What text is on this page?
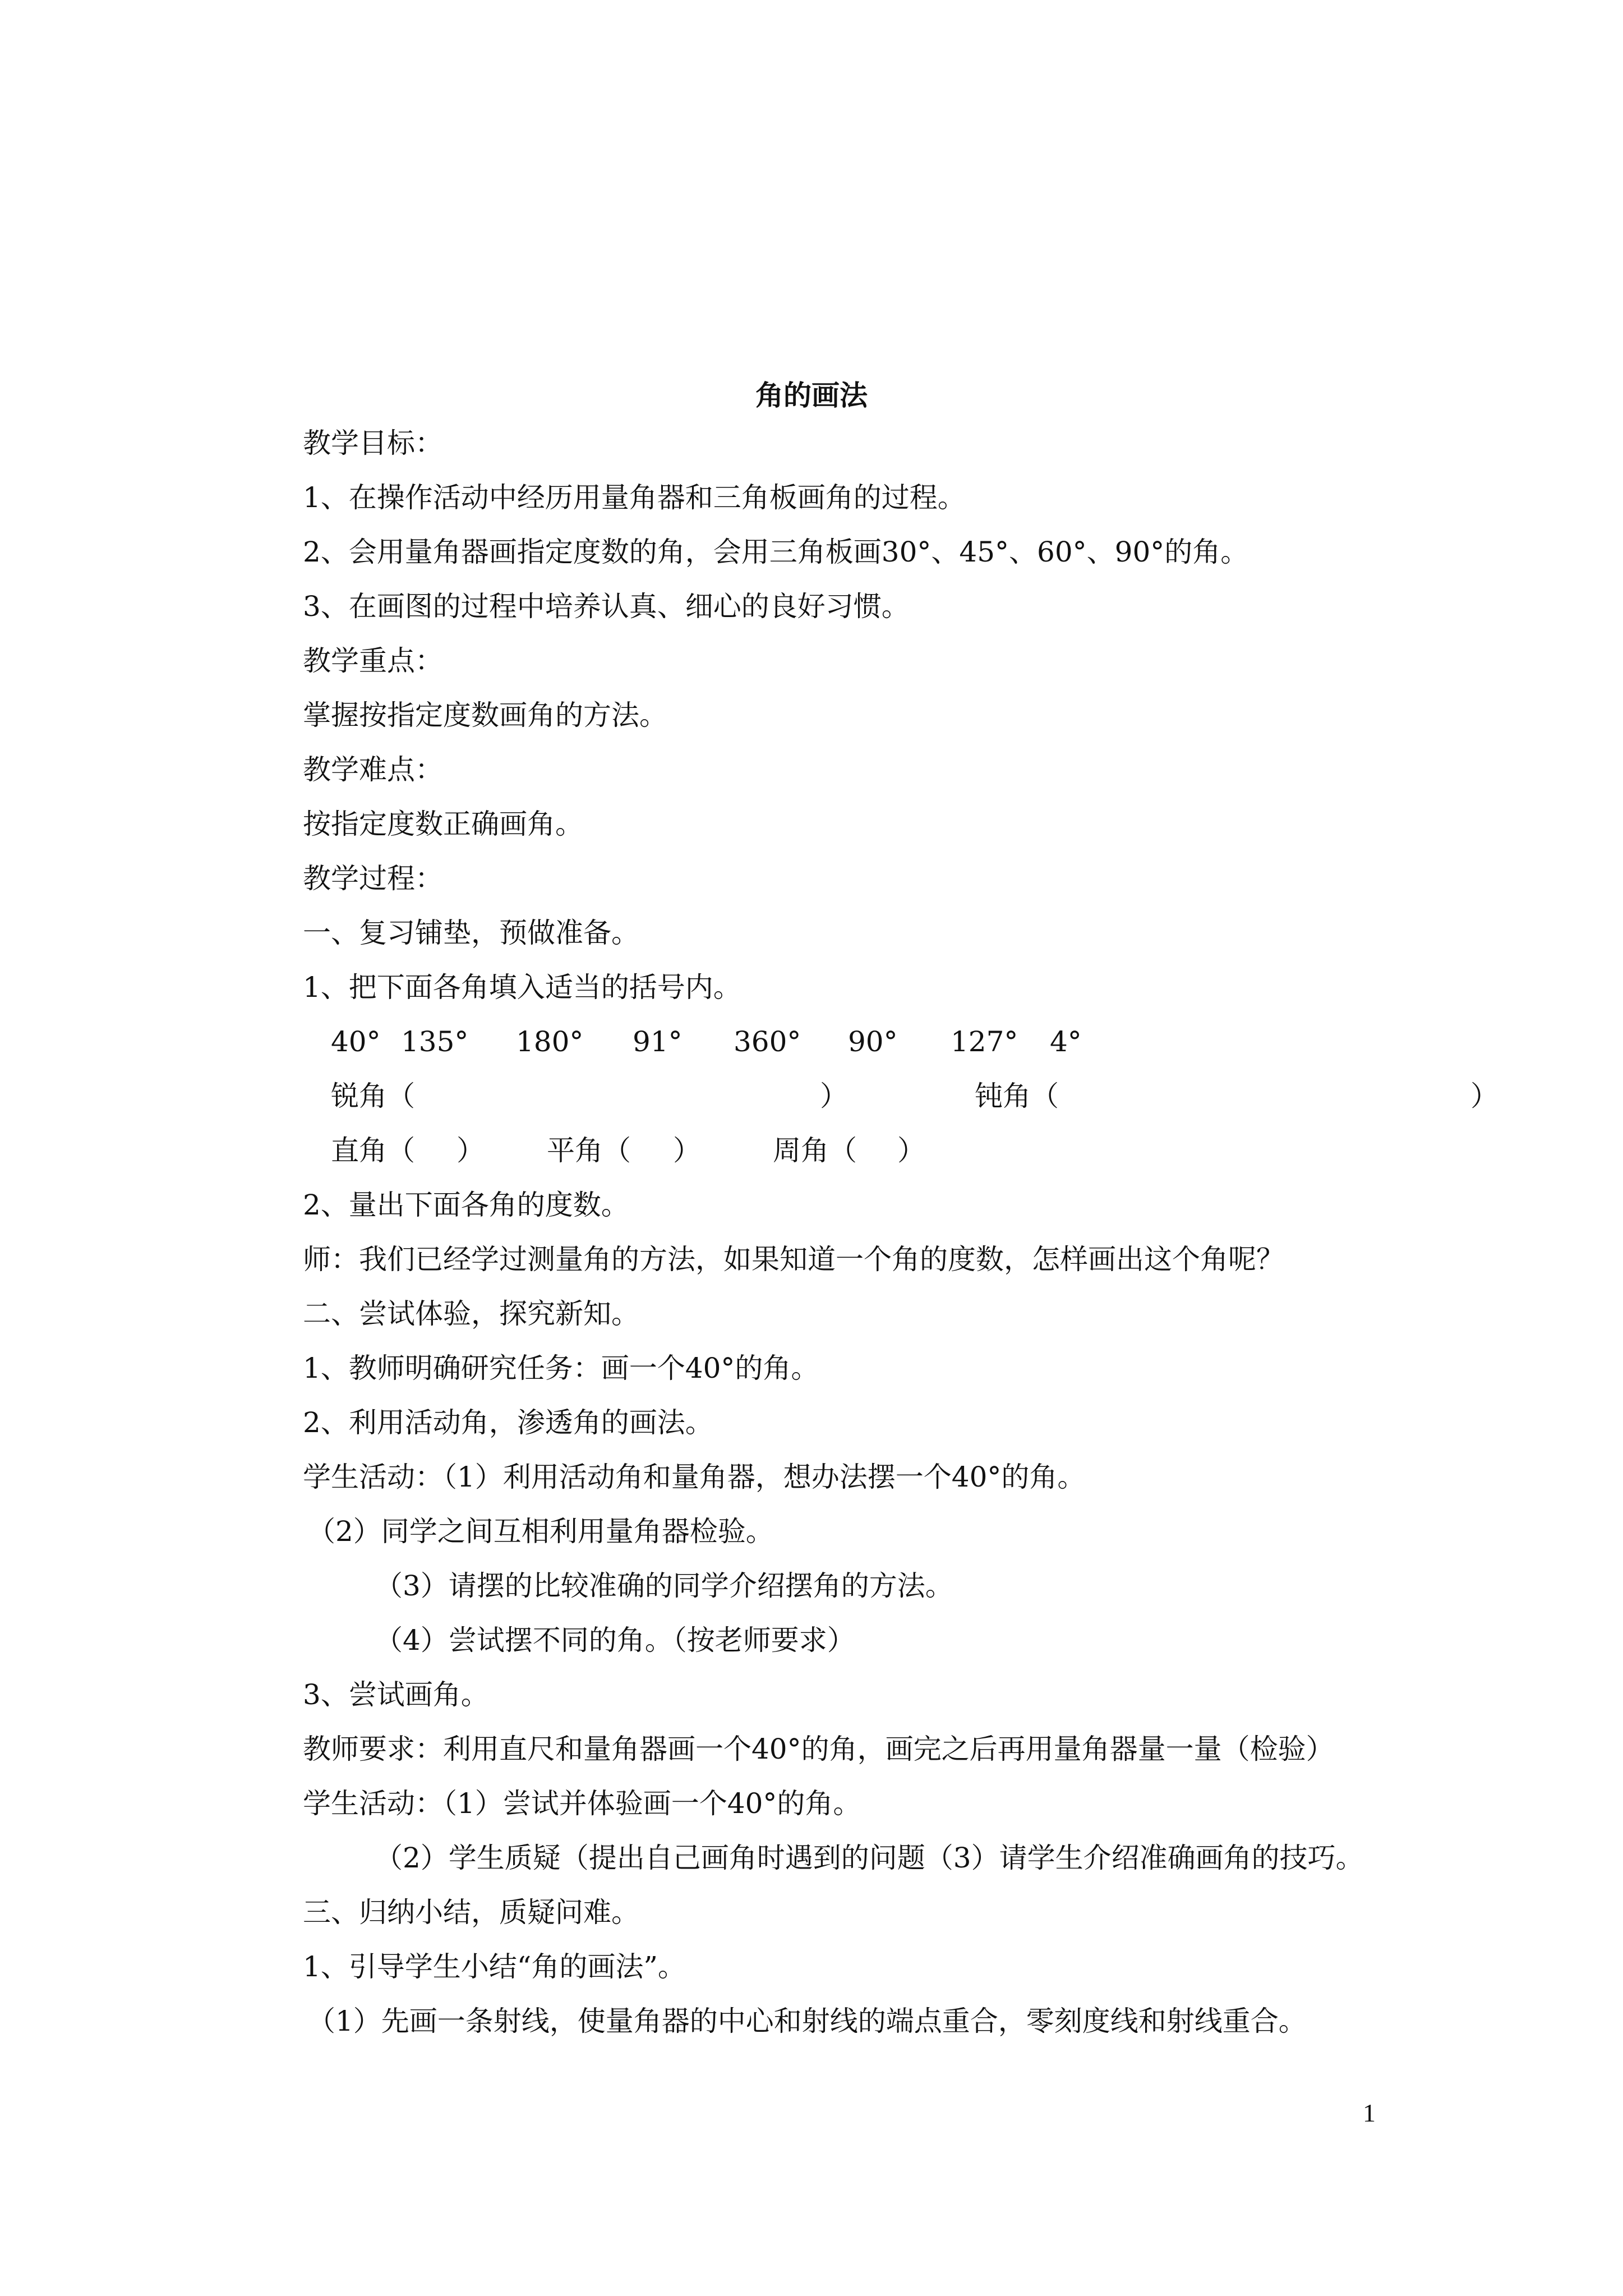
角的画法
教学目标：
1、在操作活动中经历用量角器和三角板画角的过程。
2、会用量角器画指定度数的角，会用三角板画30°、45°、60°、90°的角。
3、在画图的过程中培养认真、细心的良好习惯。
教学重点：
掌握按指定度数画角的方法。
教学难点：
按指定度数正确画角。
教学过程：
一、复习铺垫，预做准备。
1、把下面各角填入适当的括号内。
40° 135° 180° 91° 360° 90° 127° 4°
锐角（	）	钝角（	）
直角（ ） 平角（ ）	周角（ ）
2、量出下面各角的度数。
师：我们已经学过测量角的方法，如果知道一个角的度数，怎样画出这个角呢？
二、尝试体验，探究新知。
1、教师明确研究任务：画一个40°的角。
2、利用活动角，渗透角的画法。
学生活动：（1）利用活动角和量角器，想办法摆一个40°的角。
（2）同学之间互相利用量角器检验。
（3）请摆的比较准确的同学介绍摆角的方法。
（4）尝试摆不同的角。（按老师要求）
3、尝试画角。
教师要求：利用直尺和量角器画一个40°的角，画完之后再用量角器量一量（检验）
学生活动：（1）尝试并体验画一个40°的角。
（2）学生质疑（提出自己画角时遇到的问题（3）请学生介绍准确画角的技巧。
三、归纳小结，质疑问难。
1、引导学生小结“角的画法”。
（1）先画一条射线，使量角器的中心和射线的端点重合，零刻度线和射线重合。
1
